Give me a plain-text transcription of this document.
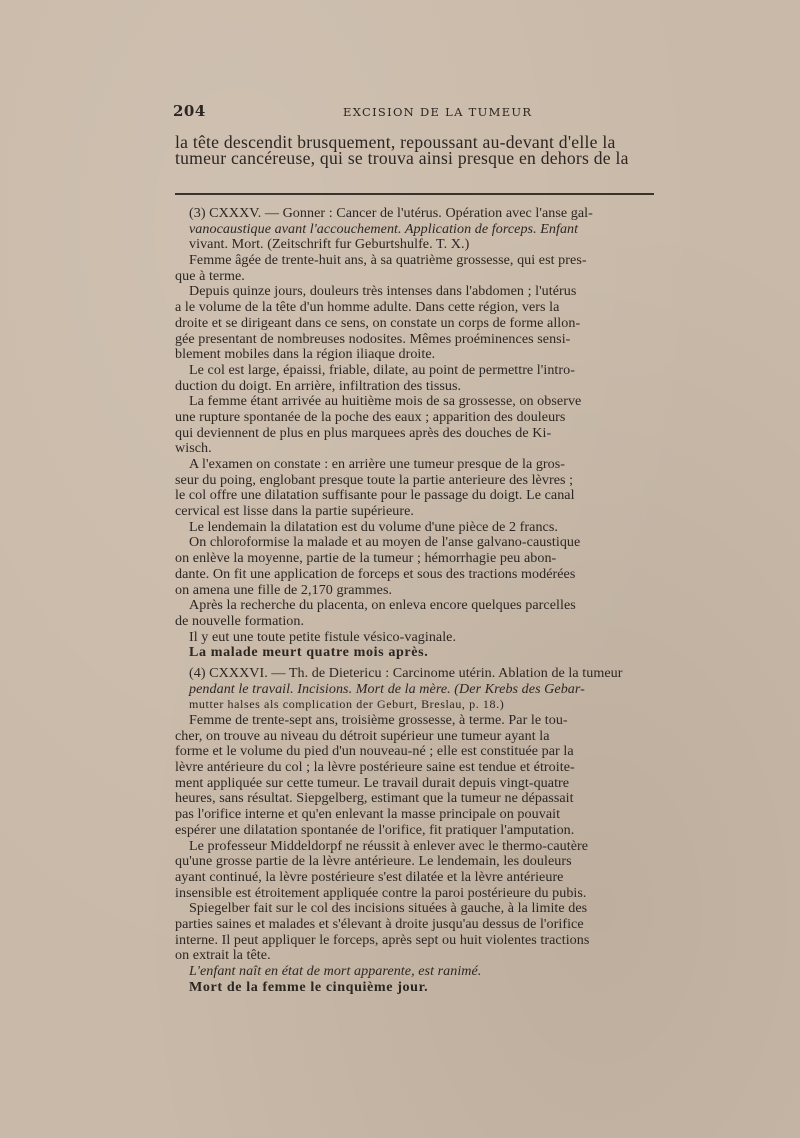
204	EXCISION DE LA TUMEUR
la tête descendit brusquement, repoussant au-devant d'elle la
tumeur cancéreuse, qui se trouva ainsi presque en dehors de la
(3) CXXXV. — Gonner : Cancer de l'utérus. Opération avec l'anse gal-
vanocaustique avant l'accouchement. Application de forceps. Enfant
vivant. Mort. (Zeitschrift fur Geburtshulfe. T. X.)
Femme âgée de trente-huit ans, à sa quatrième grossesse, qui est pres-
que à terme.
Depuis quinze jours, douleurs très intenses dans l'abdomen ; l'utérus
a le volume de la tête d'un homme adulte. Dans cette région, vers la
droite et se dirigeant dans ce sens, on constate un corps de forme allon-
gée presentant de nombreuses nodosites. Mêmes proéminences sensi-
blement mobiles dans la région iliaque droite.
Le col est large, épaissi, friable, dilate, au point de permettre l'intro-
duction du doigt. En arrière, infiltration des tissus.
La femme étant arrivée au huitième mois de sa grossesse, on observe
une rupture spontanée de la poche des eaux ; apparition des douleurs
qui deviennent de plus en plus marquees après des douches de Ki-
wisch.
A l'examen on constate : en arrière une tumeur presque de la gros-
seur du poing, englobant presque toute la partie anterieure des lèvres ;
le col offre une dilatation suffisante pour le passage du doigt. Le canal
cervical est lisse dans la partie supérieure.
Le lendemain la dilatation est du volume d'une pièce de 2 francs.
On chloroformise la malade et au moyen de l'anse galvano-caustique
on enlève la moyenne, partie de la tumeur ; hémorrhagie peu abon-
dante. On fit une application de forceps et sous des tractions modérées
on amena une fille de 2,170 grammes.
Après la recherche du placenta, on enleva encore quelques parcelles
de nouvelle formation.
Il y eut une toute petite fistule vésico-vaginale.
La malade meurt quatre mois après.
(4) CXXXVI. — Th. de Dietericu : Carcinome utérin. Ablation de la tumeur
pendant le travail. Incisions. Mort de la mère. (Der Krebs des Gebar-
mutter halses als complication der Geburt, Breslau, p. 18.)
Femme de trente-sept ans, troisième grossesse, à terme. Par le tou-
cher, on trouve au niveau du détroit supérieur une tumeur ayant la
forme et le volume du pied d'un nouveau-né ; elle est constituée par la
lèvre antérieure du col ; la lèvre postérieure saine est tendue et étroite-
ment appliquée sur cette tumeur. Le travail durait depuis vingt-quatre
heures, sans résultat. Siepgelberg, estimant que la tumeur ne dépassait
pas l'orifice interne et qu'en enlevant la masse principale on pouvait
espérer une dilatation spontanée de l'orifice, fit pratiquer l'amputation.
Le professeur Middeldorpf ne réussit à enlever avec le thermo-cautère
qu'une grosse partie de la lèvre antérieure. Le lendemain, les douleurs
ayant continué, la lèvre postérieure s'est dilatée et la lèvre antérieure
insensible est étroitement appliquée contre la paroi postérieure du pubis.
Spiegelber fait sur le col des incisions situées à gauche, à la limite des
parties saines et malades et s'élevant à droite jusqu'au dessus de l'orifice
interne. Il peut appliquer le forceps, après sept ou huit violentes tractions
on extrait la tête.
L'enfant naît en état de mort apparente, est ranimé.
Mort de la femme le cinquième jour.
